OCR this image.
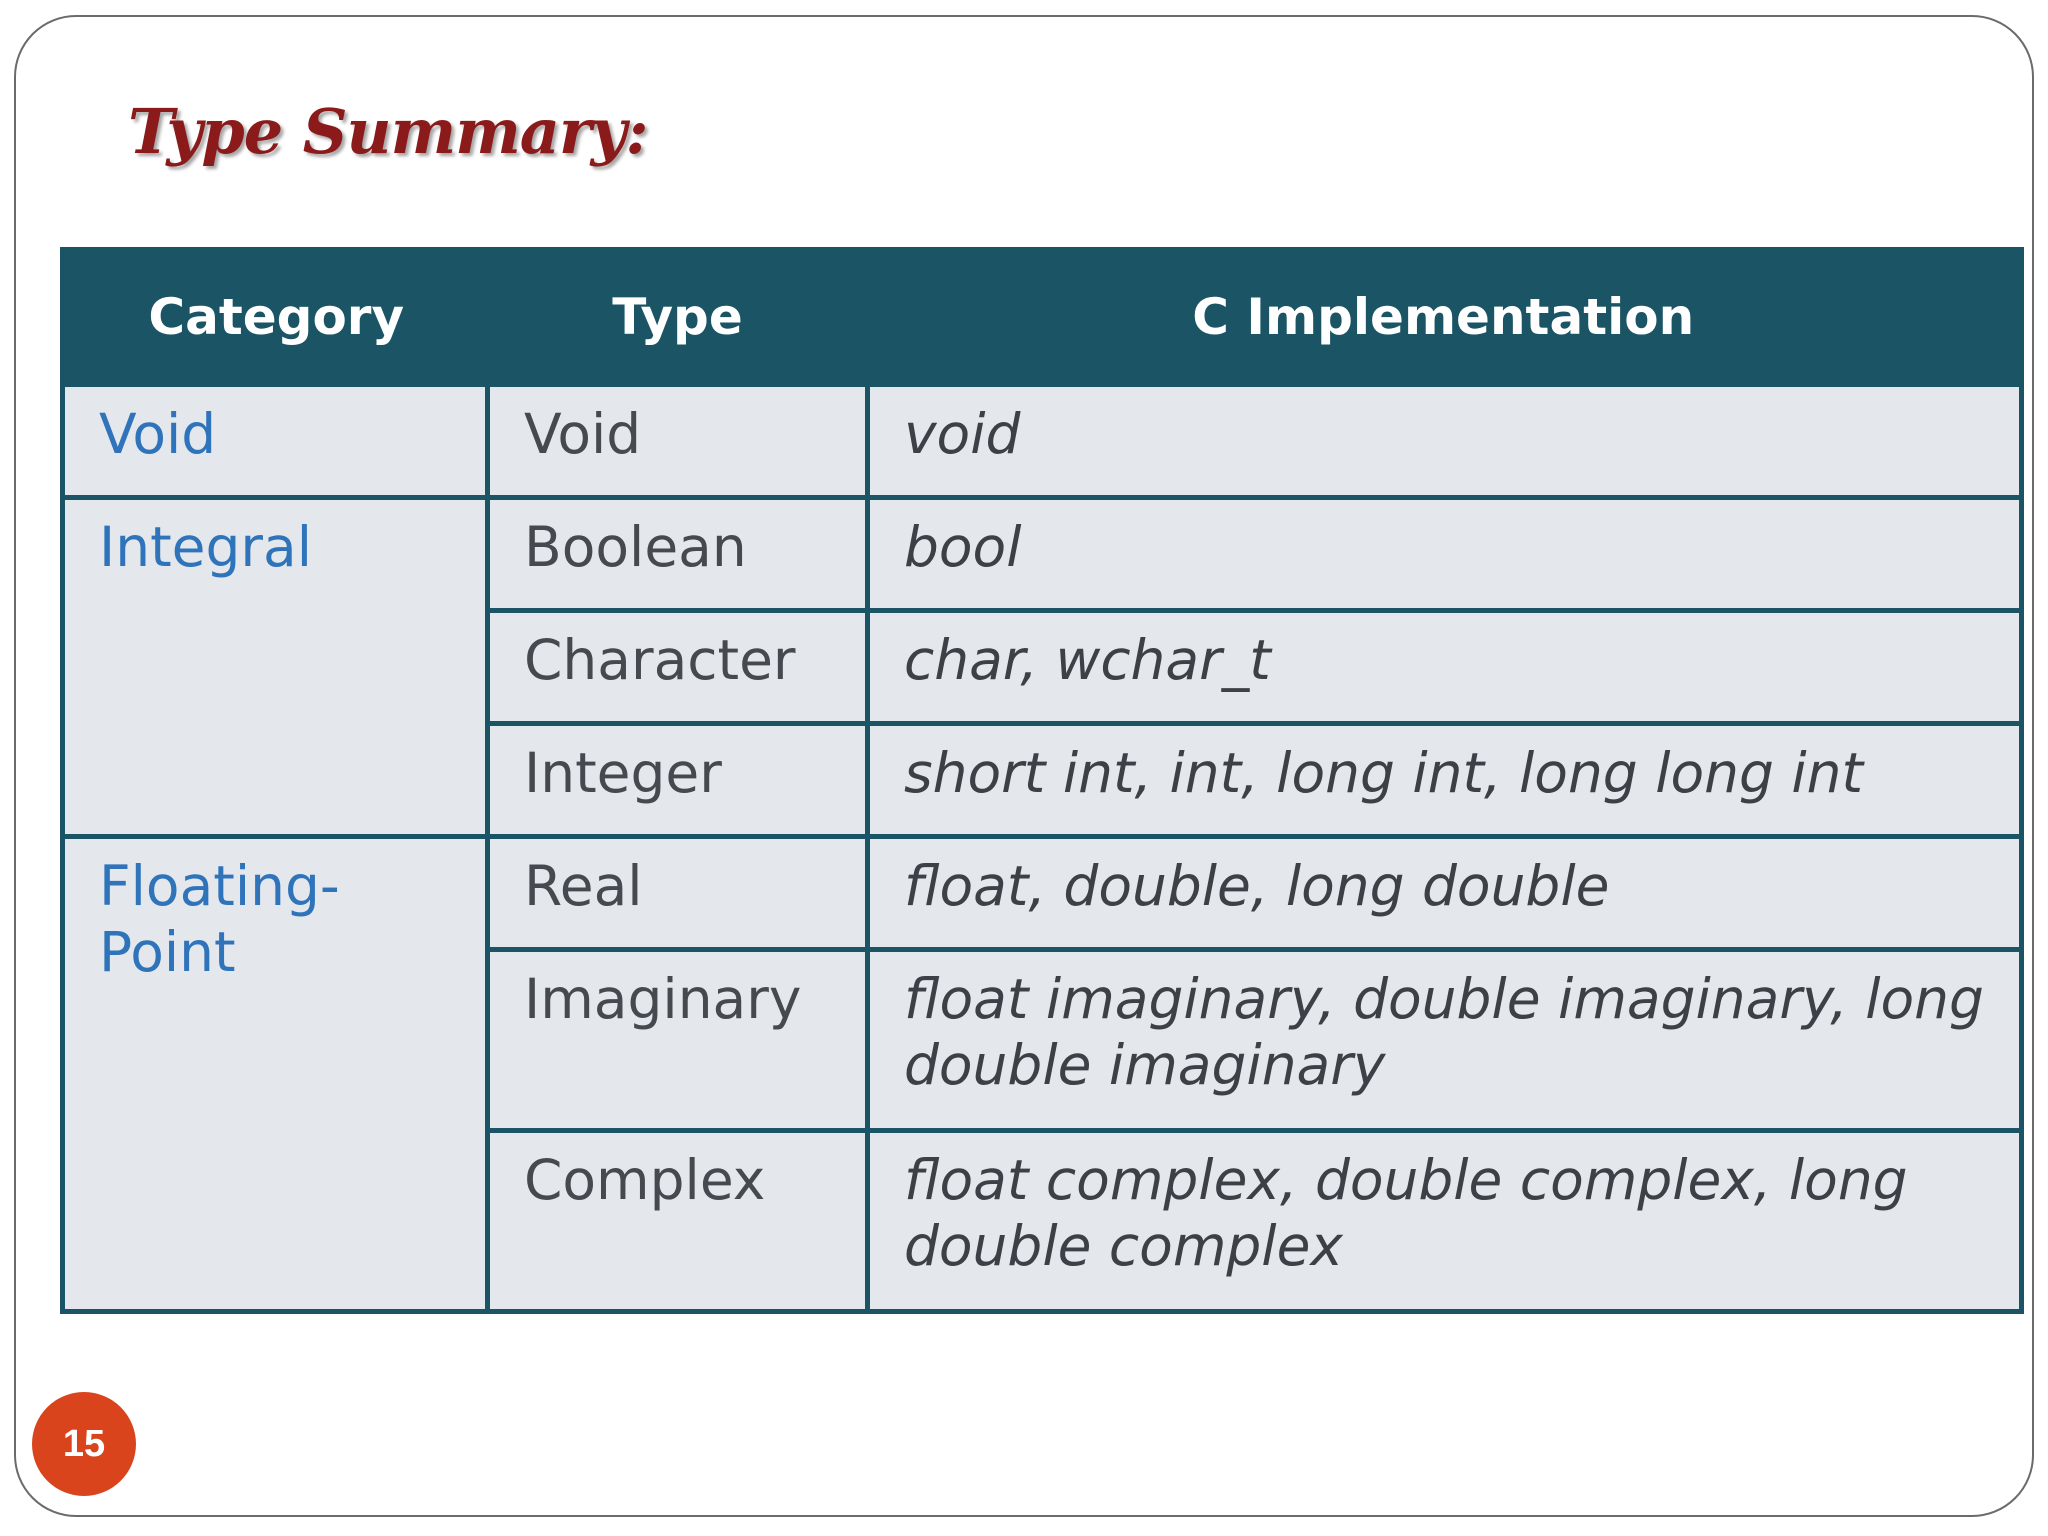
Type Summary:
Category	Type	C Implementation
Void	Void	void
Integral	Boolean	bool
	Character	char, wchar_t
	Integer	short int, int, long int, long long int
Floating-Point	Real	float, double, long double
	Imaginary	float imaginary, double imaginary, long double imaginary
	Complex	float complex, double complex, long double complex
15
